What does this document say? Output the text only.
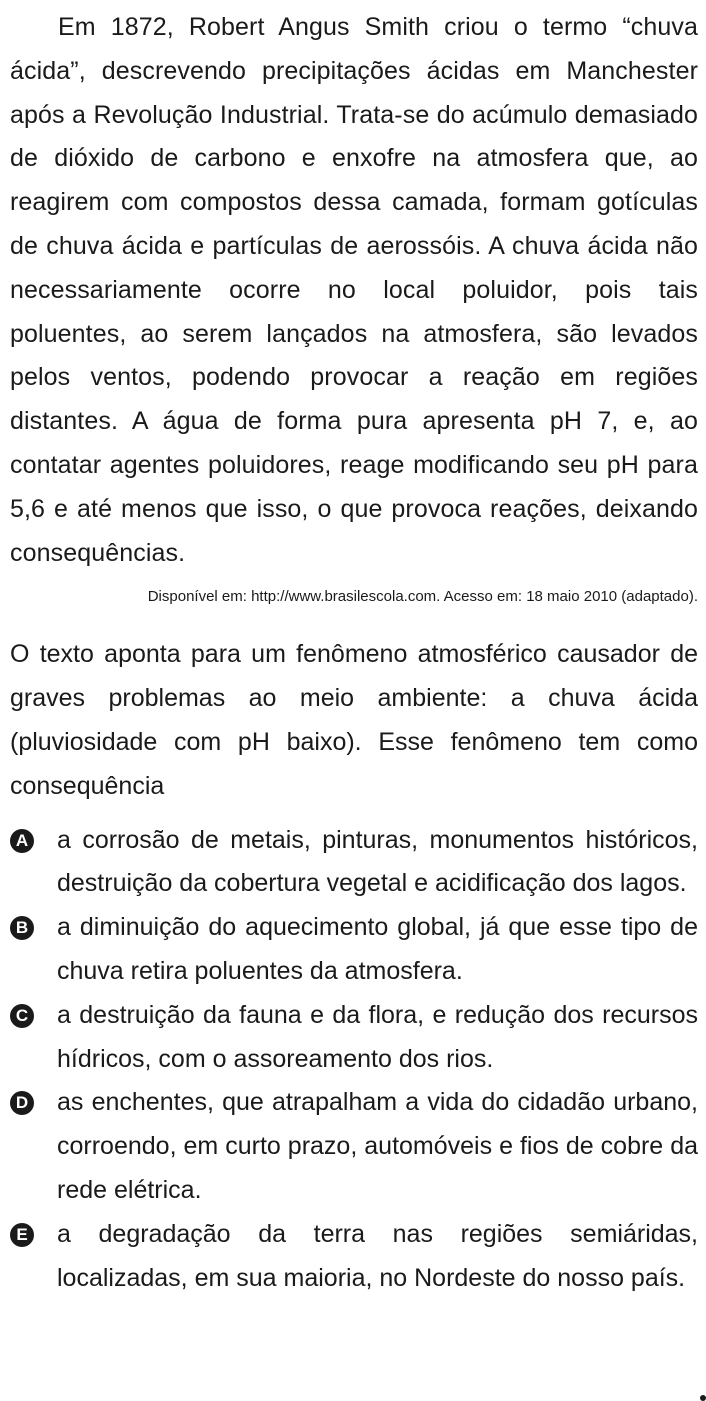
Em 1872, Robert Angus Smith criou o termo “chuva ácida”, descrevendo precipitações ácidas em Manchester após a Revolução Industrial. Trata-se do acúmulo demasiado de dióxido de carbono e enxofre na atmosfera que, ao reagirem com compostos dessa camada, formam gotículas de chuva ácida e partículas de aerossóis. A chuva ácida não necessariamente ocorre no local poluidor, pois tais poluentes, ao serem lançados na atmosfera, são levados pelos ventos, podendo provocar a reação em regiões distantes. A água de forma pura apresenta pH 7, e, ao contatar agentes poluidores, reage modificando seu pH para 5,6 e até menos que isso, o que provoca reações, deixando consequências.

Disponível em: http://www.brasilescola.com. Acesso em: 18 maio 2010 (adaptado).

O texto aponta para um fenômeno atmosférico causador de graves problemas ao meio ambiente: a chuva ácida (pluviosidade com pH baixo). Esse fenômeno tem como consequência

A a corrosão de metais, pinturas, monumentos históricos, destruição da cobertura vegetal e acidificação dos lagos.
B a diminuição do aquecimento global, já que esse tipo de chuva retira poluentes da atmosfera.
C a destruição da fauna e da flora, e redução dos recursos hídricos, com o assoreamento dos rios.
D as enchentes, que atrapalham a vida do cidadão urbano, corroendo, em curto prazo, automóveis e fios de cobre da rede elétrica.
E a degradação da terra nas regiões semiáridas, localizadas, em sua maioria, no Nordeste do nosso país.
